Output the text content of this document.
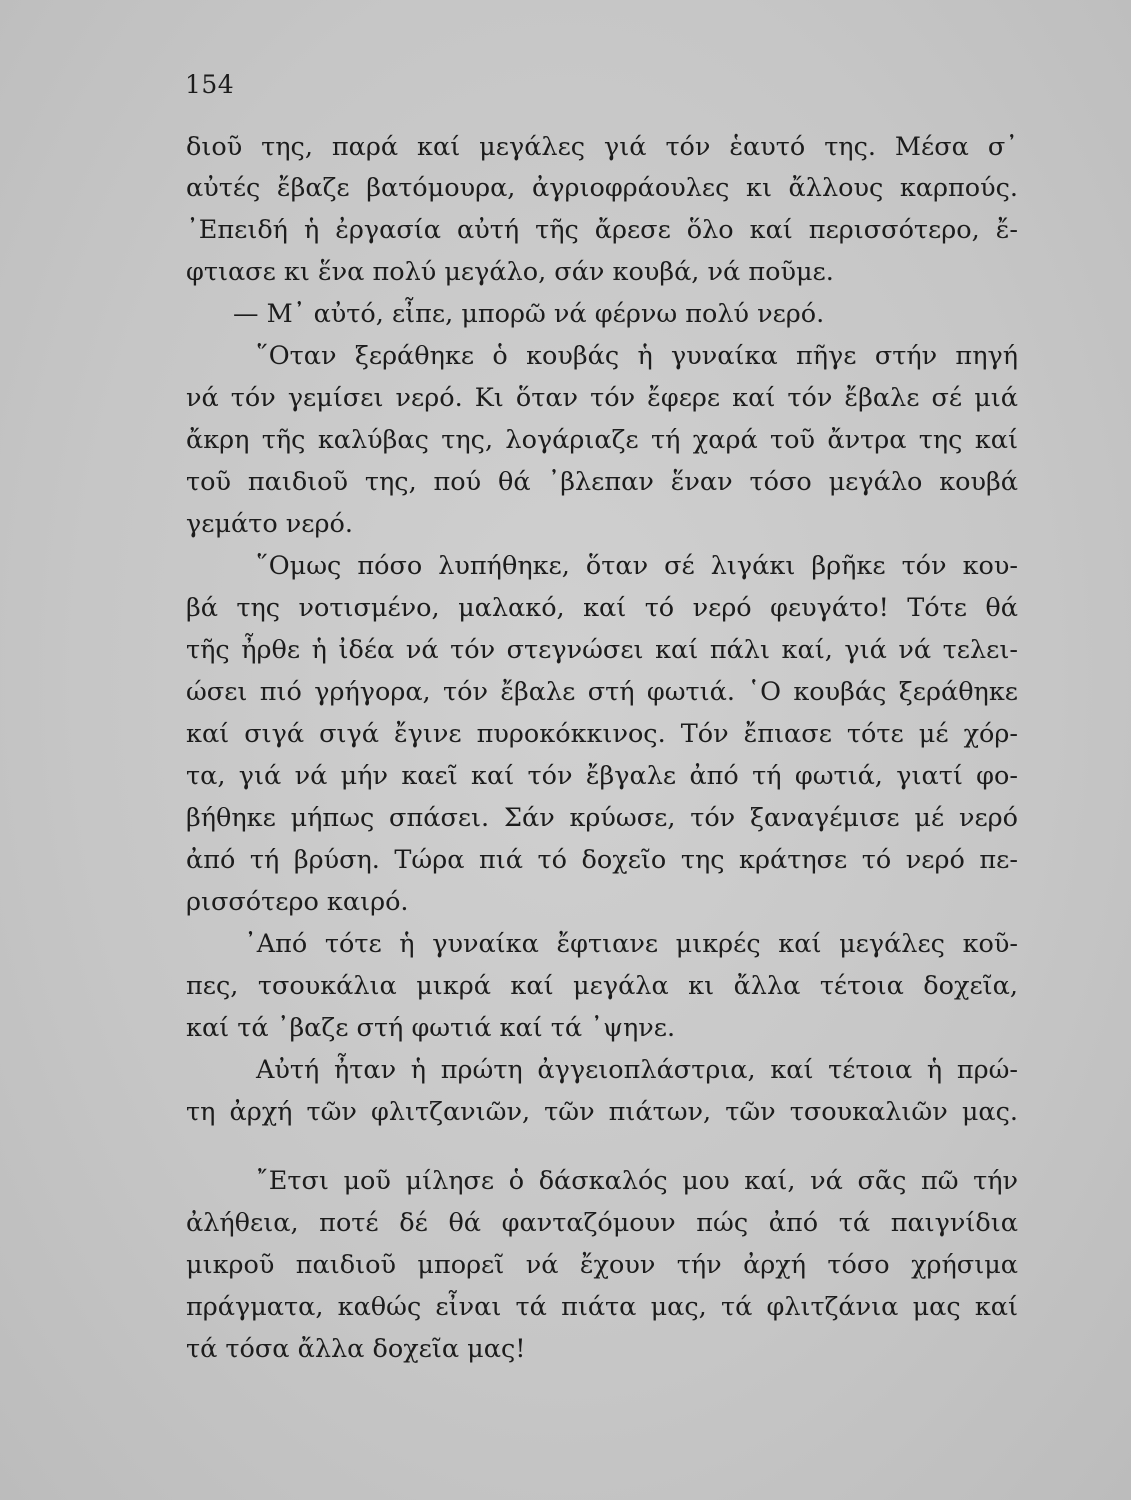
154
διοῦ της, παρά καί μεγάλες γιά τόν ἑαυτό της. Μέσα σ᾽
αὐτές ἔβαζε βατόμουρα, ἀγριοφράουλες κι ἄλλους καρπούς.
᾽Επειδή ἡ ἐργασία αὐτή τῆς ἄρεσε ὅλο καί περισσότερο, ἔ-
φτιασε κι ἕνα πολύ μεγάλο, σάν κουβά, νά ποῦμε.
— Μ᾽ αὐτό, εἶπε, μπορῶ νά φέρνω πολύ νερό.
῞Οταν ξεράθηκε ὁ κουβάς ἡ γυναίκα πῆγε στήν πηγή
νά τόν γεμίσει νερό. Κι ὅταν τόν ἔφερε καί τόν ἔβαλε σέ μιά
ἄκρη τῆς καλύβας της, λογάριαζε τή χαρά τοῦ ἄντρα της καί
τοῦ παιδιοῦ της, πού θά ᾽βλεπαν ἕναν τόσο μεγάλο κουβά
γεμάτο νερό.
῞Ομως πόσο λυπήθηκε, ὅταν σέ λιγάκι βρῆκε τόν κου-
βά της νοτισμένο, μαλακό, καί τό νερό φευγάτο! Τότε θά
τῆς ἦρθε ἡ ἰδέα νά τόν στεγνώσει καί πάλι καί, γιά νά τελει-
ώσει πιό γρήγορα, τόν ἔβαλε στή φωτιά. ῾Ο κουβάς ξεράθηκε
καί σιγά σιγά ἔγινε πυροκόκκινος. Τόν ἔπιασε τότε μέ χόρ-
τα, γιά νά μήν καεῖ καί τόν ἔβγαλε ἀπό τή φωτιά, γιατί φο-
βήθηκε μήπως σπάσει. Σάν κρύωσε, τόν ξαναγέμισε μέ νερό
ἀπό τή βρύση. Τώρα πιά τό δοχεῖο της κράτησε τό νερό πε-
ρισσότερο καιρό.
᾽Από τότε ἡ γυναίκα ἔφτιανε μικρές καί μεγάλες κοῦ-
πες, τσουκάλια μικρά καί μεγάλα κι ἄλλα τέτοια δοχεῖα,
καί τά ᾽βαζε στή φωτιά καί τά ᾽ψηνε.
Αὐτή ἦταν ἡ πρώτη ἀγγειοπλάστρια, καί τέτοια ἡ πρώ-
τη ἀρχή τῶν φλιτζανιῶν, τῶν πιάτων, τῶν τσουκαλιῶν μας.
῎Ετσι μοῦ μίλησε ὁ δάσκαλός μου καί, νά σᾶς πῶ τήν
ἀλήθεια, ποτέ δέ θά φανταζόμουν πώς ἀπό τά παιγνίδια
μικροῦ παιδιοῦ μπορεῖ νά ἔχουν τήν ἀρχή τόσο χρήσιμα
πράγματα, καθώς εἶναι τά πιάτα μας, τά φλιτζάνια μας καί
τά τόσα ἄλλα δοχεῖα μας!
